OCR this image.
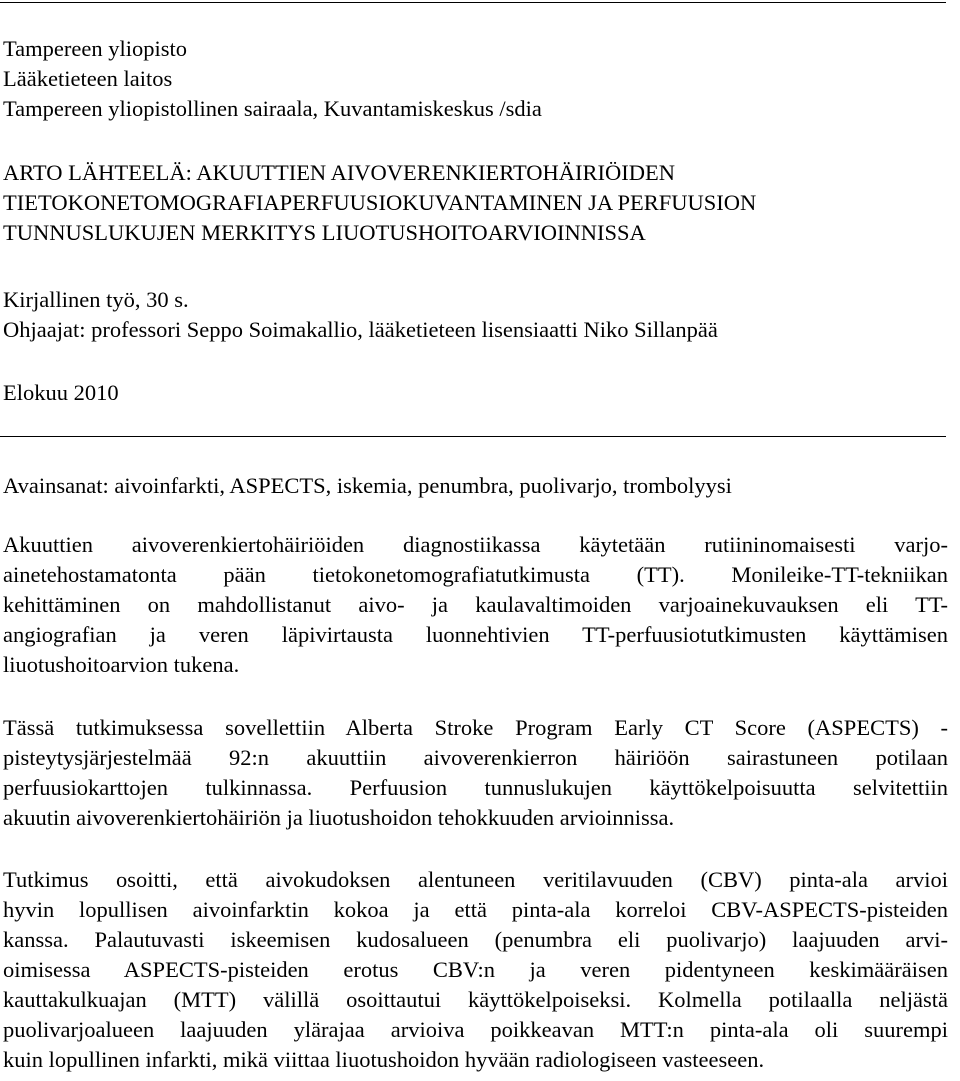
Tampereen yliopisto
Lääketieteen laitos
Tampereen yliopistollinen sairaala, Kuvantamiskeskus /sdia
ARTO LÄHTEELÄ: AKUUTTIEN AIVOVERENKIERTOHÄIRIÖIDEN
TIETOKONETOMOGRAFIAPERFUUSIOKUVANTAMINEN JA PERFUUSION
TUNNUSLUKUJEN MERKITYS LIUOTUSHOITOARVIOINNISSA
Kirjallinen työ, 30 s.
Ohjaajat: professori Seppo Soimakallio, lääketieteen lisensiaatti Niko Sillanpää
Elokuu 2010
Avainsanat: aivoinfarkti, ASPECTS, iskemia, penumbra, puolivarjo, trombolyysi
Akuuttien aivoverenkiertohäiriöiden diagnostiikassa käytetään rutiininomaisesti varjo-
ainetehostamatonta pään tietokonetomografiatutkimusta (TT). Monileike-TT-tekniikan
kehittäminen on mahdollistanut aivo- ja kaulavaltimoiden varjoainekuvauksen eli TT-
angiografian ja veren läpivirtausta luonnehtivien TT-perfuusiotutkimusten käyttämisen
liuotushoitoarvion tukena.
Tässä tutkimuksessa sovellettiin Alberta Stroke Program Early CT Score (ASPECTS) -
pisteytysjärjestelmää 92:n akuuttiin aivoverenkierron häiriöön sairastuneen potilaan
perfuusiokarttojen tulkinnassa. Perfuusion tunnuslukujen käyttökelpoisuutta selvitettiin
akuutin aivoverenkiertohäiriön ja liuotushoidon tehokkuuden arvioinnissa.
Tutkimus osoitti, että aivokudoksen alentuneen veritilavuuden (CBV) pinta-ala arvioi
hyvin lopullisen aivoinfarktin kokoa ja että pinta-ala korreloi CBV-ASPECTS-pisteiden
kanssa. Palautuvasti iskeemisen kudosalueen (penumbra eli puolivarjo) laajuuden arvi-
oimisessa ASPECTS-pisteiden erotus CBV:n ja veren pidentyneen keskimääräisen
kauttakulkuajan (MTT) välillä osoittautui käyttökelpoiseksi. Kolmella potilaalla neljästä
puolivarjoalueen laajuuden ylärajaa arvioiva poikkeavan MTT:n pinta-ala oli suurempi
kuin lopullinen infarkti, mikä viittaa liuotushoidon hyvään radiologiseen vasteeseen.
